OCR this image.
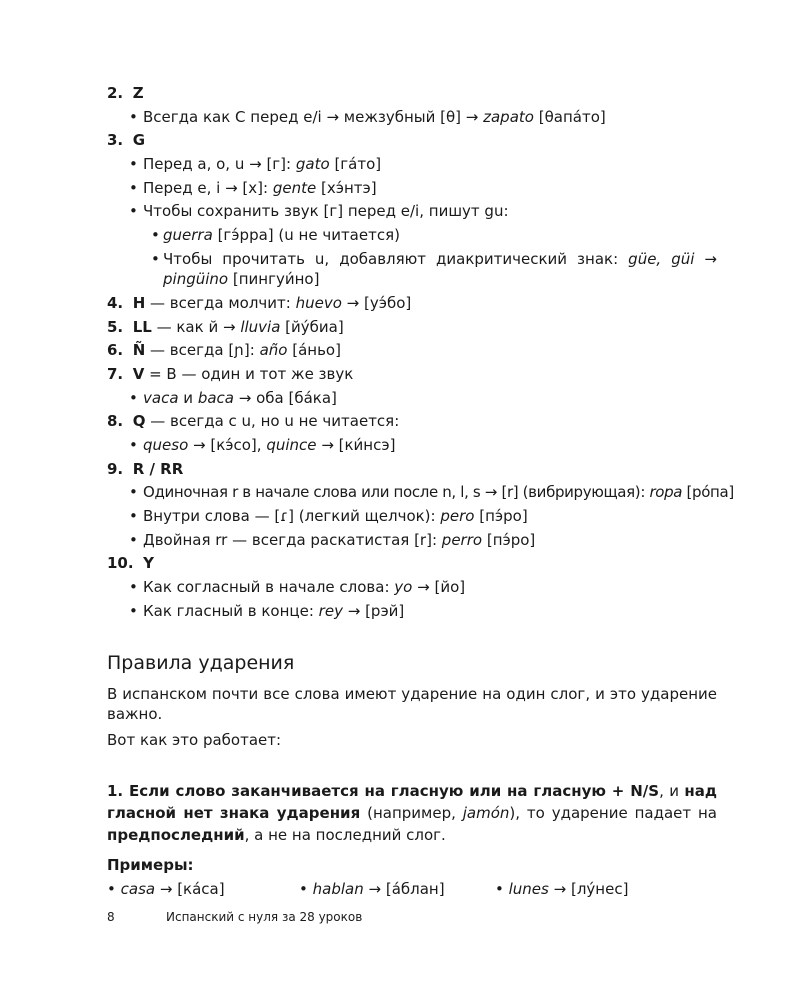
2. Z
• Всегда как С перед e/i → межзубный [θ] → zapato [θапа́то]
3. G
• Перед a, o, u → [г]: gato [га́то]
• Перед e, i → [х]: gente [хэ́нтэ]
• Чтобы сохранить звук [г] перед e/i, пишут gu:
• guerra [гэ́рра] (u не читается)
• Чтобы прочитать u, добавляют диакритический знак: güe, güi →
pingüino [пингуи́но]
4. H — всегда молчит: huevo → [уэ́бо]
5. LL — как й → lluvia [йу́биа]
6. Ñ — всегда [ɲ]: año [а́ньо]
7. V = B — один и тот же звук
• vaca и baca → оба [ба́ка]
8. Q — всегда с u, но u не читается:
• queso → [кэ́со], quince → [ки́нсэ]
9. R / RR
• Одиночная r в начале слова или после n, l, s → [r] (вибрирующая): ropa [ро́па]
• Внутри слова — [ɾ] (легкий щелчок): pero [пэ́ро]
• Двойная rr — всегда раскатистая [r]: perro [пэ́ро]
10. Y
• Как согласный в начале слова: yo → [йо]
• Как гласный в конце: rey → [рэй]
Правила ударения
В испанском почти все слова имеют ударение на один слог, и это ударение важно.
Вот как это работает:
1. Если слово заканчивается на гласную или на гласную + N/S, и над гласной нет знака ударения (например, jamón), то ударение падает на предпоследний, а не на последний слог.
Примеры:
• casa → [ка́са]	• hablan → [а́блан]	• lunes → [лу́нес]
8	Испанский с нуля за 28 уроков
